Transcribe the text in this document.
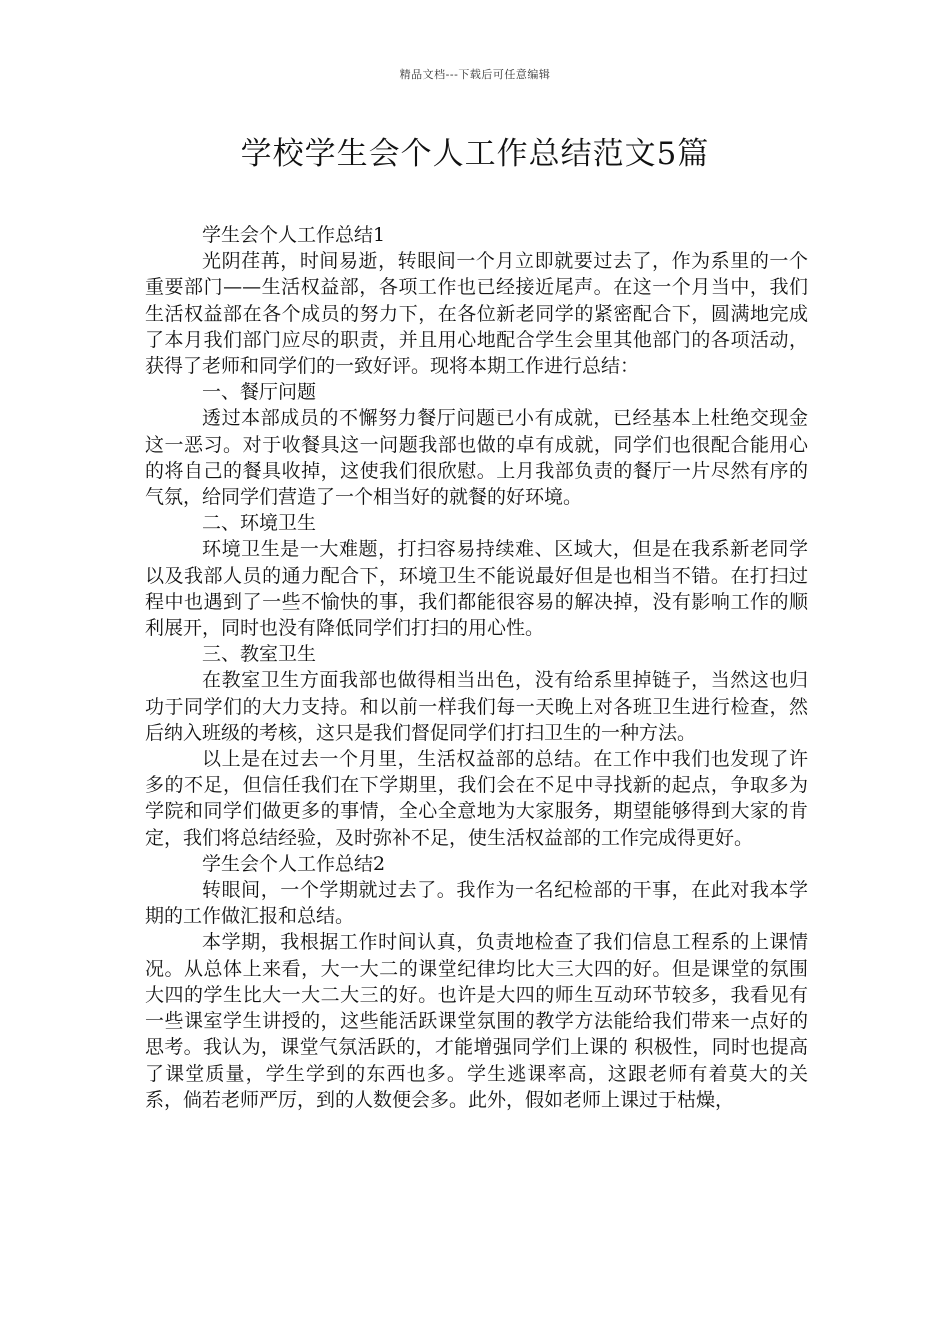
精品文档---下载后可任意编辑
学校学生会个人工作总结范文5篇

学生会个人工作总结1

光阴荏苒，时间易逝，转眼间一个月立即就要过去了，作为系里的一个重要部门——生活权益部，各项工作也已经接近尾声。在这一个月当中，我们生活权益部在各个成员的努力下，在各位新老同学的紧密配合下，圆满地完成了本月我们部门应尽的职责，并且用心地配合学生会里其他部门的各项活动，获得了老师和同学们的一致好评。现将本期工作进行总结：

一、餐厅问题

透过本部成员的不懈努力餐厅问题已小有成就，已经基本上杜绝交现金这一恶习。对于收餐具这一问题我部也做的卓有成就，同学们也很配合能用心的将自己的餐具收掉，这使我们很欣慰。上月我部负责的餐厅一片尽然有序的气氛，给同学们营造了一个相当好的就餐的好环境。

二、环境卫生

环境卫生是一大难题，打扫容易持续难、区域大，但是在我系新老同学以及我部人员的通力配合下，环境卫生不能说最好但是也相当不错。在打扫过程中也遇到了一些不愉快的事，我们都能很容易的解决掉，没有影响工作的顺利展开，同时也没有降低同学们打扫的用心性。

三、教室卫生

在教室卫生方面我部也做得相当出色，没有给系里掉链子，当然这也归功于同学们的大力支持。和以前一样我们每一天晚上对各班卫生进行检查，然后纳入班级的考核，这只是我们督促同学们打扫卫生的一种方法。

以上是在过去一个月里，生活权益部的总结。在工作中我们也发现了许多的不足，但信任我们在下学期里，我们会在不足中寻找新的起点，争取多为学院和同学们做更多的事情，全心全意地为大家服务，期望能够得到大家的肯定，我们将总结经验，及时弥补不足，使生活权益部的工作完成得更好。

学生会个人工作总结2

转眼间，一个学期就过去了。我作为一名纪检部的干事，在此对我本学期的工作做汇报和总结。

本学期，我根据工作时间认真，负责地检查了我们信息工程系的上课情况。从总体上来看，大一大二的课堂纪律均比大三大四的好。但是课堂的氛围大四的学生比大一大二大三的好。也许是大四的师生互动环节较多，我看见有一些课室学生讲授的，这些能活跃课堂氛围的教学方法能给我们带来一点好的思考。我认为，课堂气氛活跃的，才能增强同学们上课的 积极性，同时也提高了课堂质量，学生学到的东西也多。学生逃课率高，这跟老师有着莫大的关系，倘若老师严厉，到的人数便会多。此外，假如老师上课过于枯燥，
